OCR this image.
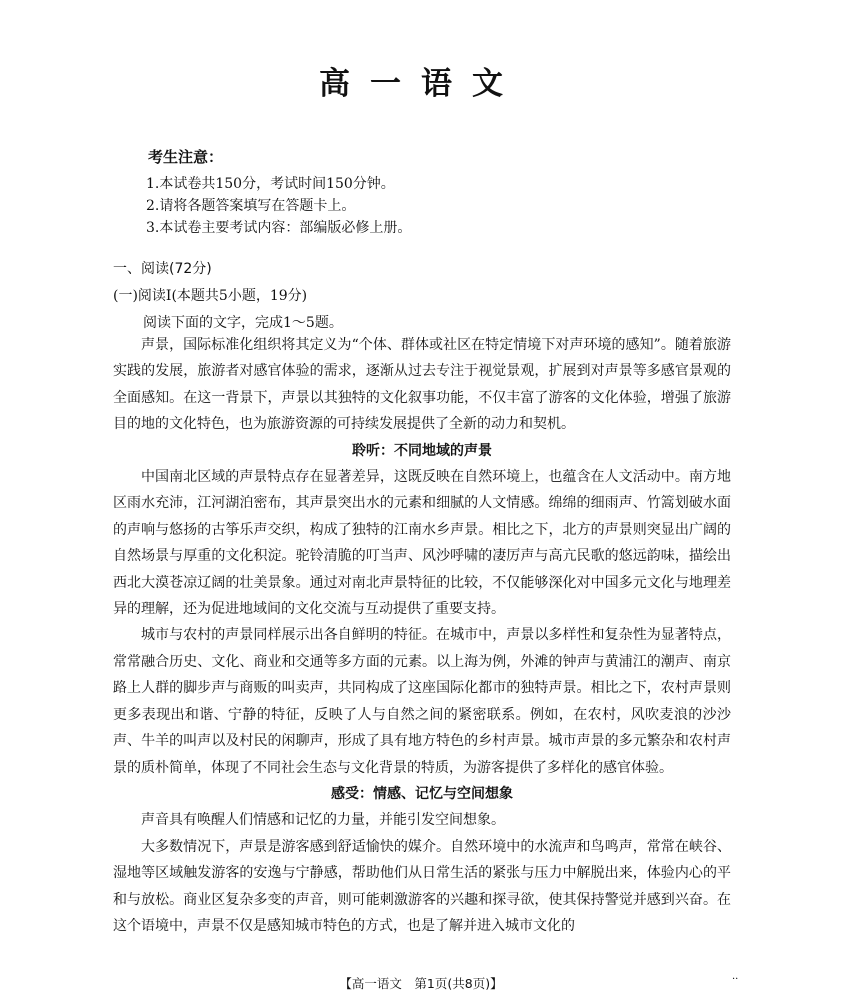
高一语文
考生注意：
1.本试卷共150分，考试时间150分钟。
2.请将各题答案填写在答题卡上。
3.本试卷主要考试内容：部编版必修上册。
一、阅读(72分)
(一)阅读Ⅰ(本题共5小题，19分)
阅读下面的文字，完成1～5题。

声景，国际标准化组织将其定义为“个体、群体或社区在特定情境下对声环境的感知”。随着旅游实践的发展，旅游者对感官体验的需求，逐渐从过去专注于视觉景观，扩展到对声景等多感官景观的全面感知。在这一背景下，声景以其独特的文化叙事功能，不仅丰富了游客的文化体验，增强了旅游目的地的文化特色，也为旅游资源的可持续发展提供了全新的动力和契机。

聆听：不同地域的声景

中国南北区域的声景特点存在显著差异，这既反映在自然环境上，也蕴含在人文活动中。南方地区雨水充沛，江河湖泊密布，其声景突出水的元素和细腻的人文情感。绵绵的细雨声、竹篙划破水面的声响与悠扬的古筝乐声交织，构成了独特的江南水乡声景。相比之下，北方的声景则突显出广阔的自然场景与厚重的文化积淀。驼铃清脆的叮当声、风沙呼啸的凄厉声与高亢民歌的悠远韵味，描绘出西北大漠苍凉辽阔的壮美景象。通过对南北声景特征的比较，不仅能够深化对中国多元文化与地理差异的理解，还为促进地域间的文化交流与互动提供了重要支持。

城市与农村的声景同样展示出各自鲜明的特征。在城市中，声景以多样性和复杂性为显著特点，常常融合历史、文化、商业和交通等多方面的元素。以上海为例，外滩的钟声与黄浦江的潮声、南京路上人群的脚步声与商贩的叫卖声，共同构成了这座国际化都市的独特声景。相比之下，农村声景则更多表现出和谐、宁静的特征，反映了人与自然之间的紧密联系。例如，在农村，风吹麦浪的沙沙声、牛羊的叫声以及村民的闲聊声，形成了具有地方特色的乡村声景。城市声景的多元繁杂和农村声景的质朴简单，体现了不同社会生态与文化背景的特质，为游客提供了多样化的感官体验。

感受：情感、记忆与空间想象

声音具有唤醒人们情感和记忆的力量，并能引发空间想象。

大多数情况下，声景是游客感到舒适愉快的媒介。自然环境中的水流声和鸟鸣声，常常在峡谷、湿地等区域触发游客的安逸与宁静感，帮助他们从日常生活的紧张与压力中解脱出来，体验内心的平和与放松。商业区复杂多变的声音，则可能刺激游客的兴趣和探寻欲，使其保持警觉并感到兴奋。在这个语境中，声景不仅是感知城市特色的方式，也是了解并进入城市文化的

【高一语文　第1页(共8页)】	··
